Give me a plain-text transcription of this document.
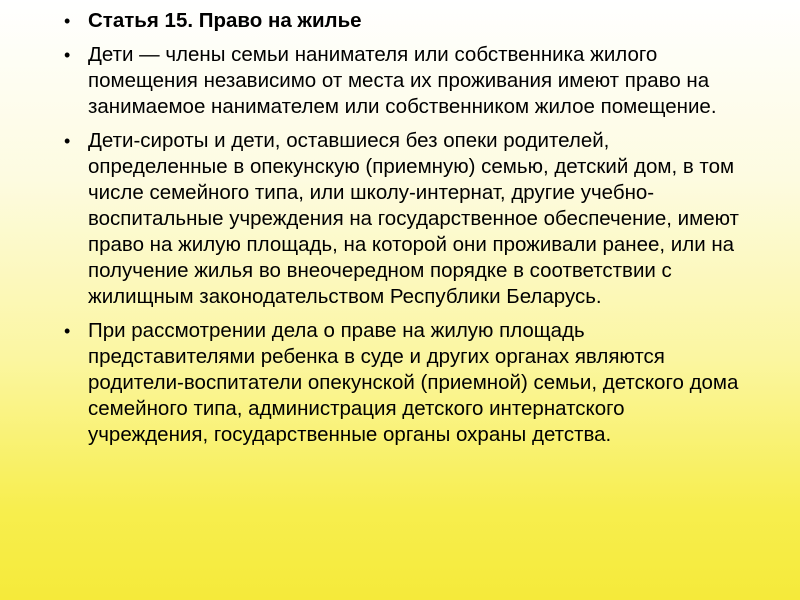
• Статья 15. Право на жилье
• Дети — члены семьи нанимателя или собственника жилого помещения независимо от места их проживания имеют право на занимаемое нанимателем или собственником жилое помещение.
• Дети-сироты и дети, оставшиеся без опеки родителей, определенные в опекунскую (приемную) семью, детский дом, в том числе семейного типа, или школу-интернат, другие учебно-воспитальные учреждения на государственное обеспечение, имеют право на жилую площадь, на которой они проживали ранее, или на получение жилья во внеочередном порядке в соответствии с жилищным законодательством Республики Беларусь.
• При рассмотрении дела о праве на жилую площадь представителями ребенка в суде и других органах являются родители-воспитатели опекунской (приемной) семьи, детского дома семейного типа, администрация детского интернатского учреждения, государственные органы охраны детства.
